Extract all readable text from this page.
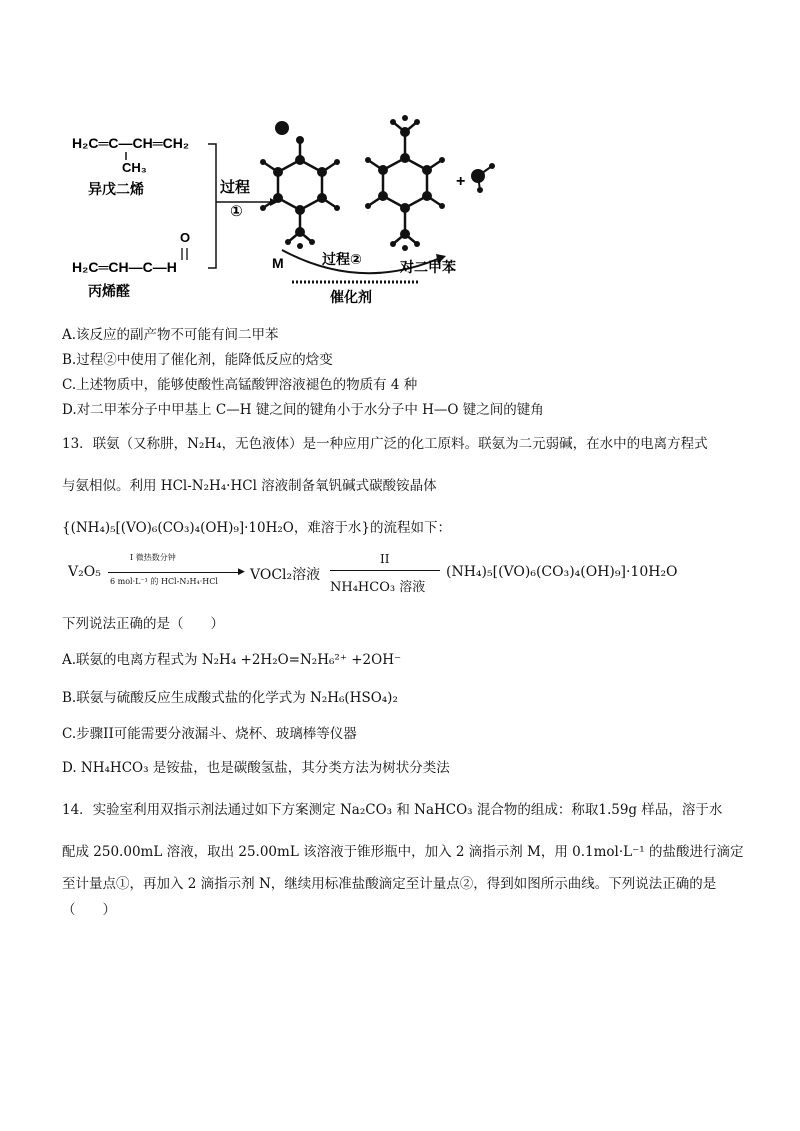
H₂C═C—CH═CH₂
CH₃
异戊二烯
O
H₂C═CH—C—H
丙烯醛
过程
①
+
M	过程②	对二甲苯
催化剂
A.该反应的副产物不可能有间二甲苯
B.过程②中使用了催化剂，能降低反应的焓变
C.上述物质中，能够使酸性高锰酸钾溶液褪色的物质有 4 种
D.对二甲苯分子中甲基上 C—H 键之间的键角小于水分子中 H—O 键之间的键角
13．联氨（又称肼，N₂H₄，无色液体）是一种应用广泛的化工原料。联氨为二元弱碱，在水中的电离方程式
与氨相似。利用 HCl-N₂H₄·HCl 溶液制备氧钒碱式碳酸铵晶体
{(NH₄)₅[(VO)₆(CO₃)₄(OH)₉]·10H₂O，难溶于水}的流程如下：
V₂O₅
I 微热数分钟
▶
6 mol·L⁻¹ 的 HCl-N₂H₄·HCl VOCl₂溶液
II
NH₄HCO₃ 溶液
(NH₄)₅[(VO)₆(CO₃)₄(OH)₉]·10H₂O
下列说法正确的是（　　）
A.联氨的电离方程式为 N₂H₄ +2H₂O=N₂H₆²⁺ +2OH⁻
B.联氨与硫酸反应生成酸式盐的化学式为 N₂H₆(HSO₄)₂
C.步骤II可能需要分液漏斗、烧杯、玻璃棒等仪器
D. NH₄HCO₃ 是铵盐，也是碳酸氢盐，其分类方法为树状分类法
14．实验室利用双指示剂法通过如下方案测定 Na₂CO₃ 和 NaHCO₃ 混合物的组成：称取1.59g 样品，溶于水
配成 250.00mL 溶液，取出 25.00mL 该溶液于锥形瓶中，加入 2 滴指示剂 M，用 0.1mol·L⁻¹ 的盐酸进行滴定
至计量点①，再加入 2 滴指示剂 N，继续用标准盐酸滴定至计量点②，得到如图所示曲线。下列说法正确的是
（　　）
